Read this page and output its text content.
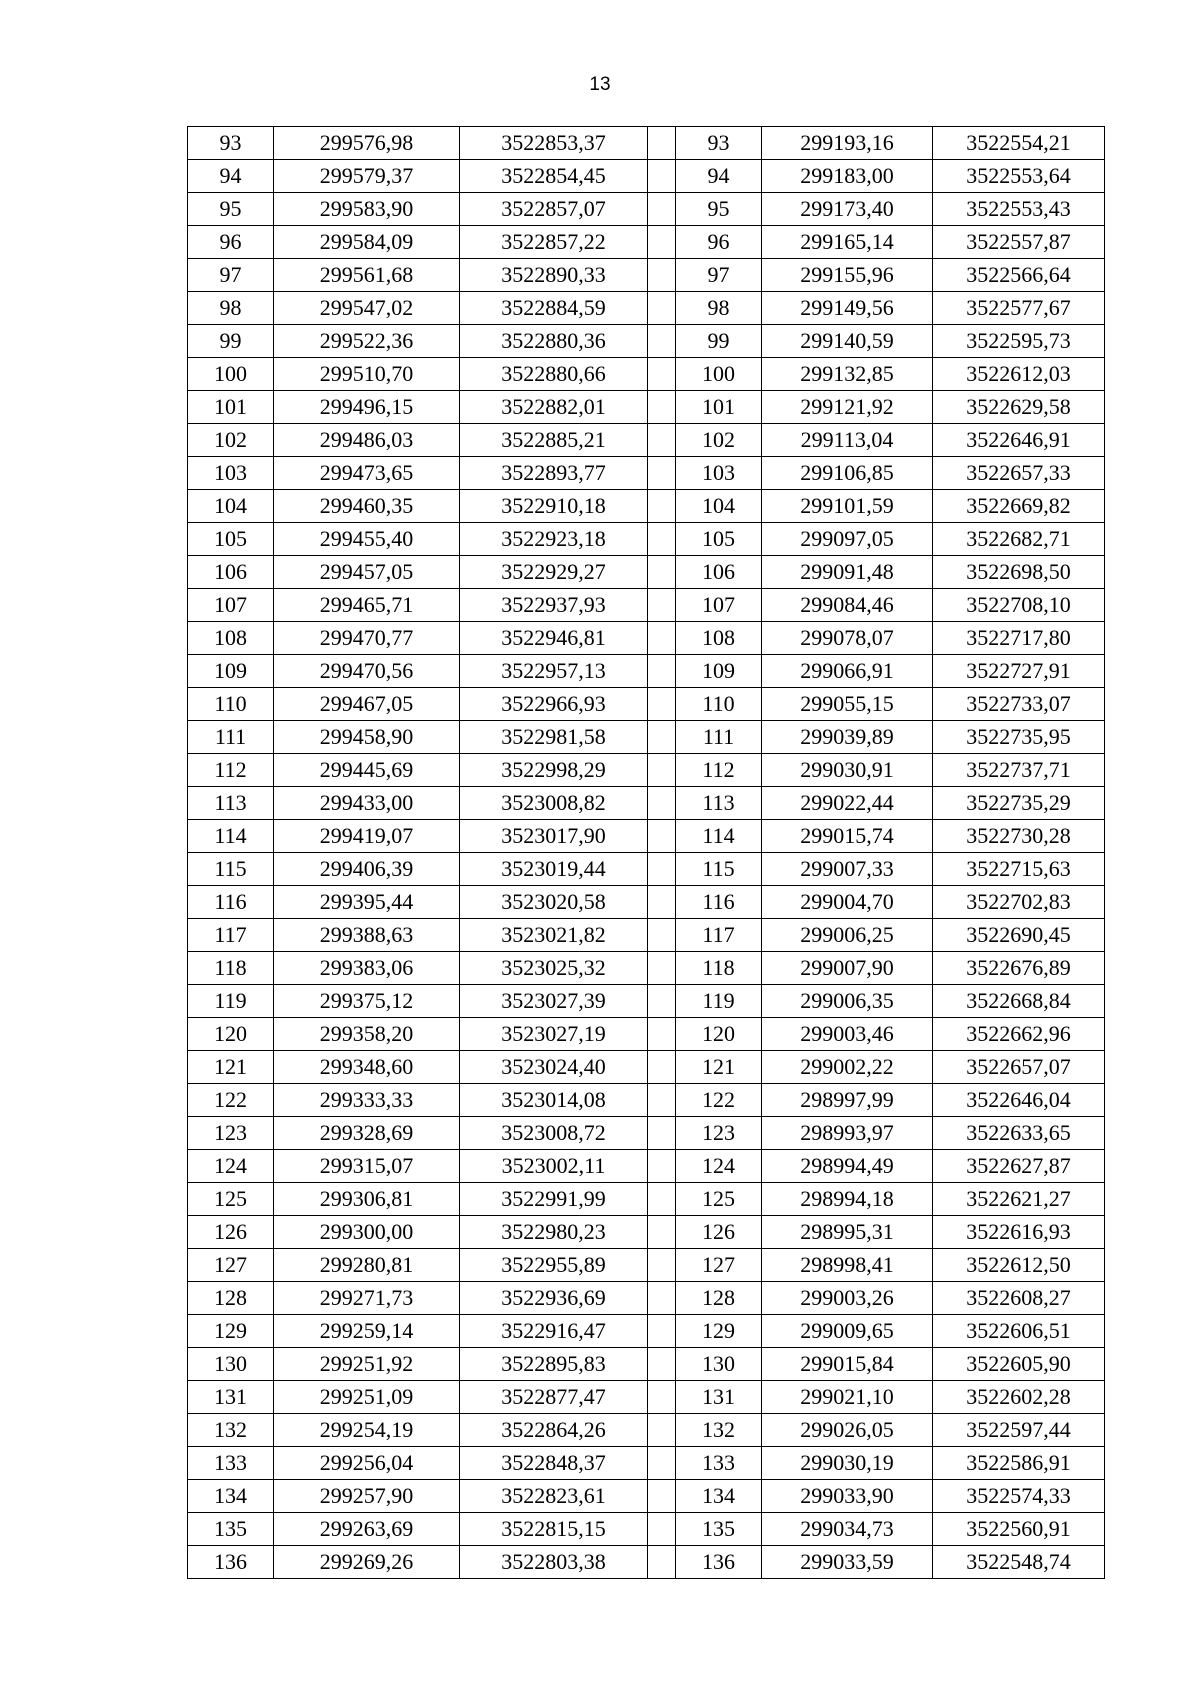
13
93	299576,98	3522853,37		93	299193,16	3522554,21
94	299579,37	3522854,45		94	299183,00	3522553,64
95	299583,90	3522857,07		95	299173,40	3522553,43
96	299584,09	3522857,22		96	299165,14	3522557,87
97	299561,68	3522890,33		97	299155,96	3522566,64
98	299547,02	3522884,59		98	299149,56	3522577,67
99	299522,36	3522880,36		99	299140,59	3522595,73
100	299510,70	3522880,66		100	299132,85	3522612,03
101	299496,15	3522882,01		101	299121,92	3522629,58
102	299486,03	3522885,21		102	299113,04	3522646,91
103	299473,65	3522893,77		103	299106,85	3522657,33
104	299460,35	3522910,18		104	299101,59	3522669,82
105	299455,40	3522923,18		105	299097,05	3522682,71
106	299457,05	3522929,27		106	299091,48	3522698,50
107	299465,71	3522937,93		107	299084,46	3522708,10
108	299470,77	3522946,81		108	299078,07	3522717,80
109	299470,56	3522957,13		109	299066,91	3522727,91
110	299467,05	3522966,93		110	299055,15	3522733,07
111	299458,90	3522981,58		111	299039,89	3522735,95
112	299445,69	3522998,29		112	299030,91	3522737,71
113	299433,00	3523008,82		113	299022,44	3522735,29
114	299419,07	3523017,90		114	299015,74	3522730,28
115	299406,39	3523019,44		115	299007,33	3522715,63
116	299395,44	3523020,58		116	299004,70	3522702,83
117	299388,63	3523021,82		117	299006,25	3522690,45
118	299383,06	3523025,32		118	299007,90	3522676,89
119	299375,12	3523027,39		119	299006,35	3522668,84
120	299358,20	3523027,19		120	299003,46	3522662,96
121	299348,60	3523024,40		121	299002,22	3522657,07
122	299333,33	3523014,08		122	298997,99	3522646,04
123	299328,69	3523008,72		123	298993,97	3522633,65
124	299315,07	3523002,11		124	298994,49	3522627,87
125	299306,81	3522991,99		125	298994,18	3522621,27
126	299300,00	3522980,23		126	298995,31	3522616,93
127	299280,81	3522955,89		127	298998,41	3522612,50
128	299271,73	3522936,69		128	299003,26	3522608,27
129	299259,14	3522916,47		129	299009,65	3522606,51
130	299251,92	3522895,83		130	299015,84	3522605,90
131	299251,09	3522877,47		131	299021,10	3522602,28
132	299254,19	3522864,26		132	299026,05	3522597,44
133	299256,04	3522848,37		133	299030,19	3522586,91
134	299257,90	3522823,61		134	299033,90	3522574,33
135	299263,69	3522815,15		135	299034,73	3522560,91
136	299269,26	3522803,38		136	299033,59	3522548,74
